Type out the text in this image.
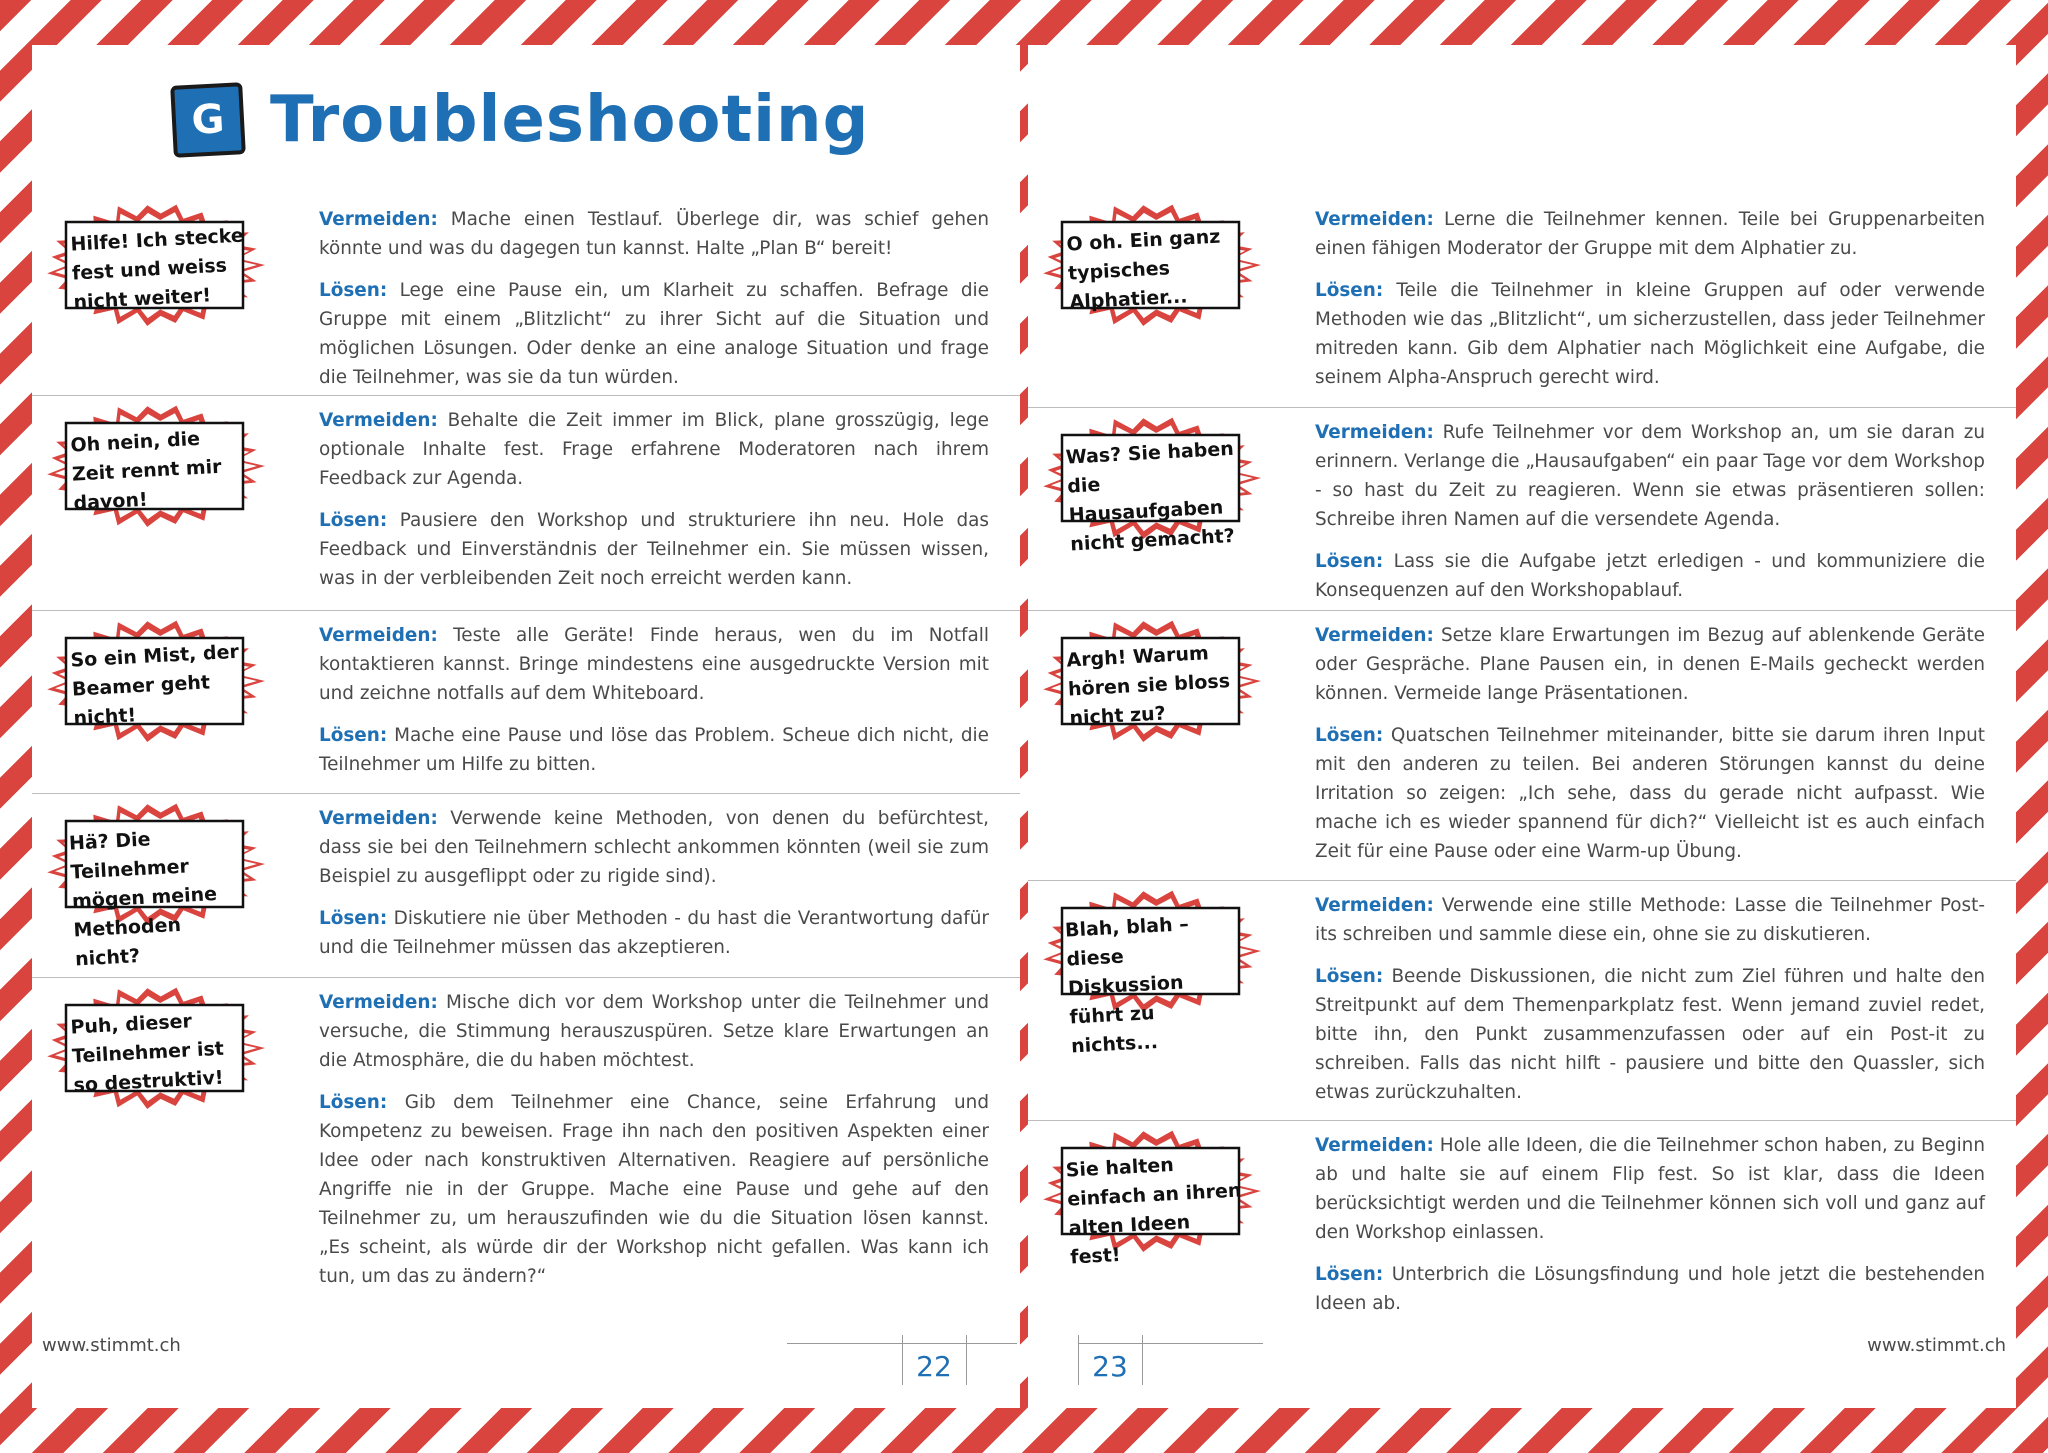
G Troubleshooting
Hilfe! Ich stecke fest und weiss nicht weiter!

Vermeiden: Mache einen Testlauf. Überlege dir, was schief gehen könnte und was du dagegen tun kannst. Halte „Plan B“ bereit!

Lösen: Lege eine Pause ein, um Klarheit zu schaffen. Befrage die Gruppe mit einem „Blitzlicht“ zu ihrer Sicht auf die Situation und möglichen Lösungen. Oder denke an eine analoge Situation und frage die Teilnehmer, was sie da tun würden.

Oh nein, die Zeit rennt mir davon!

Vermeiden: Behalte die Zeit immer im Blick, plane grosszügig, lege optionale Inhalte fest. Frage erfahrene Moderatoren nach ihrem Feedback zur Agenda.

Lösen: Pausiere den Workshop und strukturiere ihn neu. Hole das Feedback und Einverständnis der Teilnehmer ein. Sie müssen wissen, was in der verbleibenden Zeit noch erreicht werden kann.

So ein Mist, der Beamer geht nicht!

Vermeiden: Teste alle Geräte! Finde heraus, wen du im Notfall kontaktieren kannst. Bringe mindestens eine ausgedruckte Version mit und zeichne notfalls auf dem Whiteboard.

Lösen: Mache eine Pause und löse das Problem. Scheue dich nicht, die Teilnehmer um Hilfe zu bitten.

Hä? Die Teilnehmer mögen meine Methoden nicht?

Vermeiden: Verwende keine Methoden, von denen du befürchtest, dass sie bei den Teilnehmern schlecht ankommen könnten (weil sie zum Beispiel zu ausgeflippt oder zu rigide sind).

Lösen: Diskutiere nie über Methoden - du hast die Verantwortung dafür und die Teilnehmer müssen das akzeptieren.

Puh, dieser Teilnehmer ist so destruktiv!

Vermeiden: Mische dich vor dem Workshop unter die Teilnehmer und versuche, die Stimmung herauszuspüren. Setze klare Erwartungen an die Atmosphäre, die du haben möchtest.

Lösen: Gib dem Teilnehmer eine Chance, seine Erfahrung und Kompetenz zu beweisen. Frage ihn nach den positiven Aspekten einer Idee oder nach konstruktiven Alternativen. Reagiere auf persönliche Angriffe nie in der Gruppe. Mache eine Pause und gehe auf den Teilnehmer zu, um herauszufinden wie du die Situation lösen kannst. „Es scheint, als würde dir der Workshop nicht gefallen. Was kann ich tun, um das zu ändern?“

www.stimmt.ch
22
O oh. Ein ganz typisches Alphatier...

Vermeiden: Lerne die Teilnehmer kennen. Teile bei Gruppenarbeiten einen fähigen Moderator der Gruppe mit dem Alphatier zu.

Lösen: Teile die Teilnehmer in kleine Gruppen auf oder verwende Methoden wie das „Blitzlicht“, um sicherzustellen, dass jeder Teilnehmer mitreden kann. Gib dem Alphatier nach Möglichkeit eine Aufgabe, die seinem Alpha-Anspruch gerecht wird.

Was? Sie haben die Hausaufgaben nicht gemacht?

Vermeiden: Rufe Teilnehmer vor dem Workshop an, um sie daran zu erinnern. Verlange die „Hausaufgaben“ ein paar Tage vor dem Workshop - so hast du Zeit zu reagieren. Wenn sie etwas präsentieren sollen: Schreibe ihren Namen auf die versendete Agenda.

Lösen: Lass sie die Aufgabe jetzt erledigen - und kommuniziere die Konsequenzen auf den Workshopablauf.

Argh! Warum hören sie bloss nicht zu?

Vermeiden: Setze klare Erwartungen im Bezug auf ablenkende Geräte oder Gespräche. Plane Pausen ein, in denen E-Mails gecheckt werden können. Vermeide lange Präsentationen.

Lösen: Quatschen Teilnehmer miteinander, bitte sie darum ihren Input mit den anderen zu teilen. Bei anderen Störungen kannst du deine Irritation so zeigen: „Ich sehe, dass du gerade nicht aufpasst. Wie mache ich es wieder spannend für dich?“ Vielleicht ist es auch einfach Zeit für eine Pause oder eine Warm-up Übung.

Blah, blah – diese Diskussion führt zu nichts...

Vermeiden: Verwende eine stille Methode: Lasse die Teilnehmer Post-its schreiben und sammle diese ein, ohne sie zu diskutieren.

Lösen: Beende Diskussionen, die nicht zum Ziel führen und halte den Streitpunkt auf dem Themenparkplatz fest. Wenn jemand zuviel redet, bitte ihn, den Punkt zusammenzufassen oder auf ein Post-it zu schreiben. Falls das nicht hilft - pausiere und bitte den Quassler, sich etwas zurückzuhalten.

Sie halten einfach an ihren alten Ideen fest!

Vermeiden: Hole alle Ideen, die die Teilnehmer schon haben, zu Beginn ab und halte sie auf einem Flip fest. So ist klar, dass die Ideen berücksichtigt werden und die Teilnehmer können sich voll und ganz auf den Workshop einlassen.

Lösen: Unterbrich die Lösungsfindung und hole jetzt die bestehenden Ideen ab.

www.stimmt.ch
23
